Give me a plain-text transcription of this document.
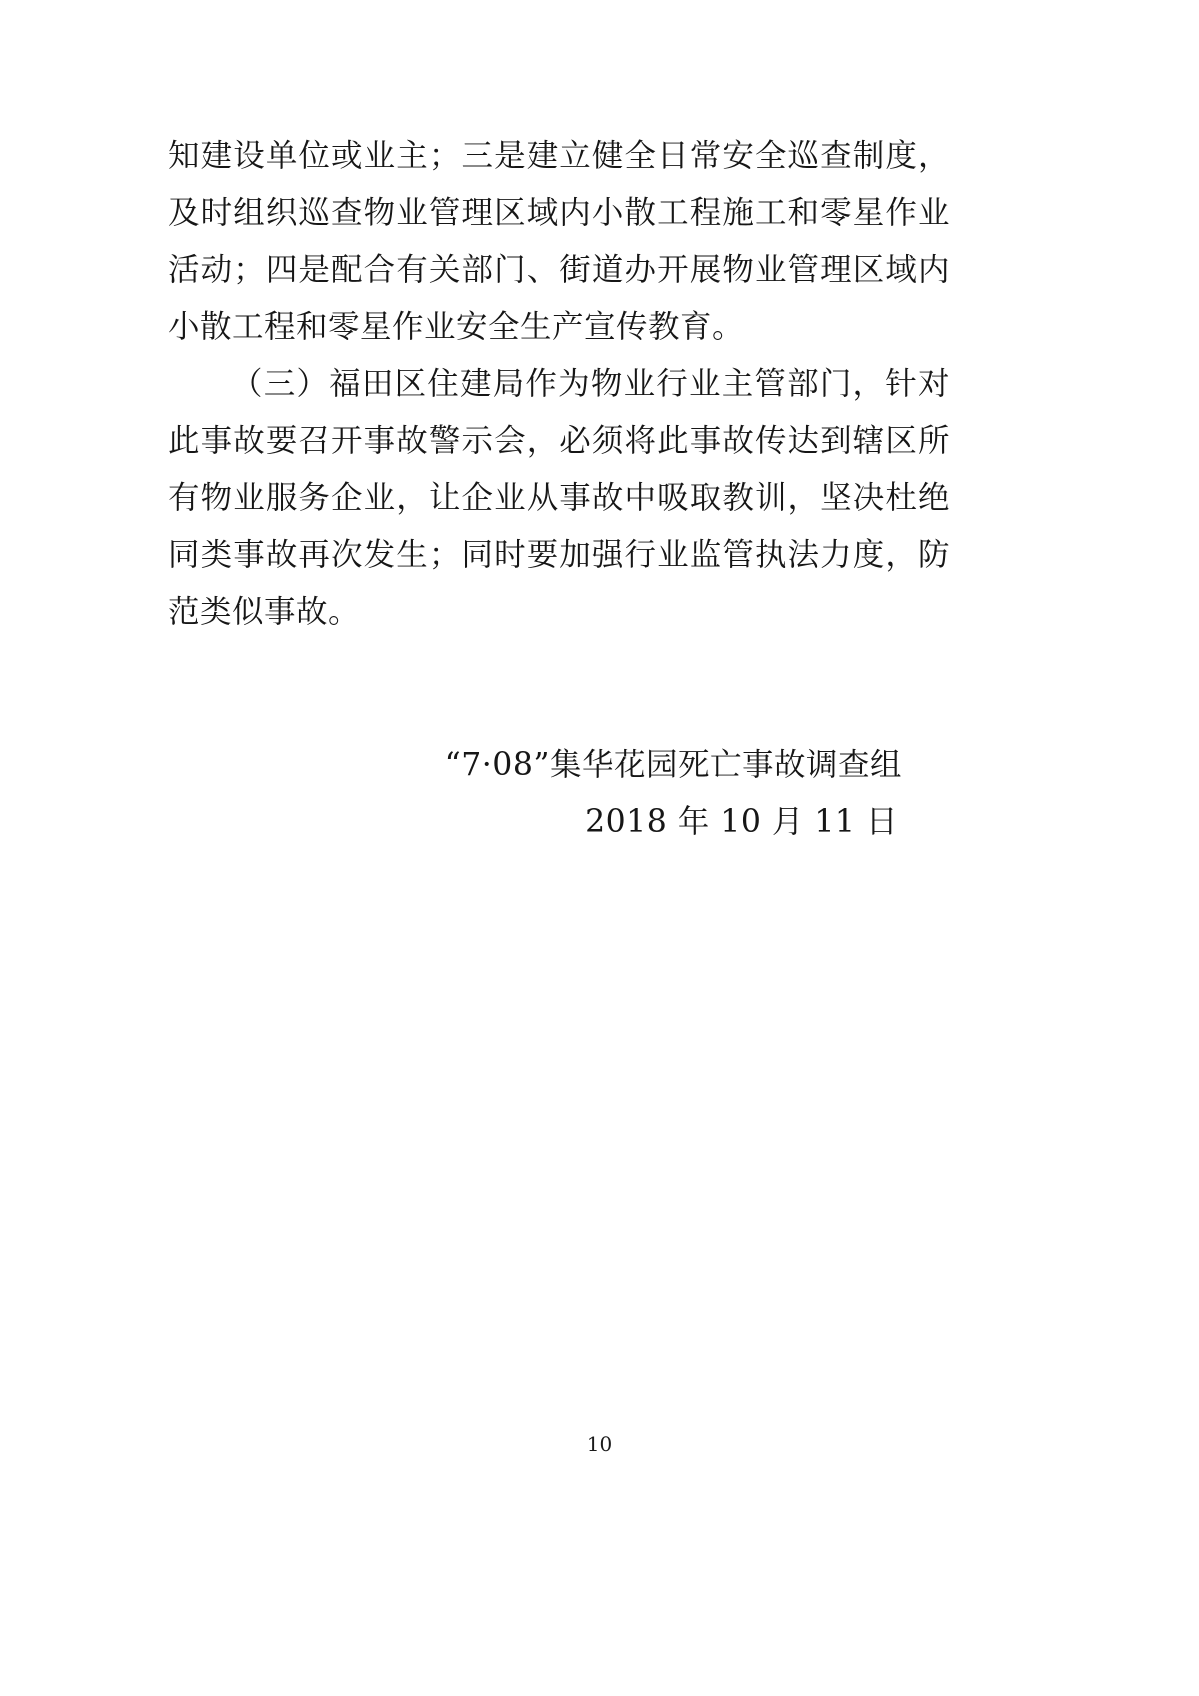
知建设单位或业主；三是建立健全日常安全巡查制度，及时组织巡查物业管理区域内小散工程施工和零星作业活动；四是配合有关部门、街道办开展物业管理区域内小散工程和零星作业安全生产宣传教育。

（三）福田区住建局作为物业行业主管部门，针对此事故要召开事故警示会，必须将此事故传达到辖区所有物业服务企业，让企业从事故中吸取教训，坚决杜绝同类事故再次发生；同时要加强行业监管执法力度，防范类似事故。

“7·08”集华花园死亡事故调查组

2018 年 10 月 11 日

10
